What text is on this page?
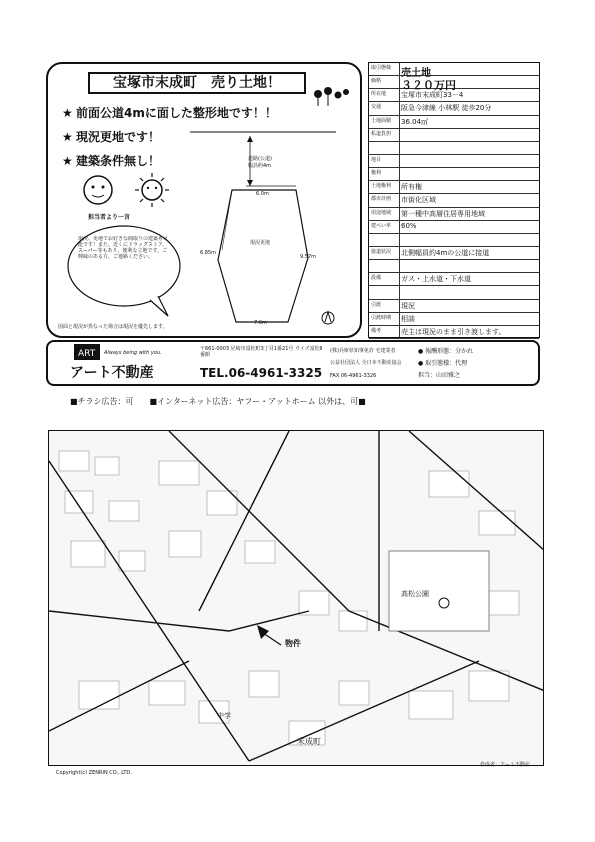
宝塚市末成町　売り土地！
★ 前面公道4mに面した整形地です！！
★ 現況更地です！
★ 建築条件無し！
担当者より一言
現況、更地でお好きな間取りの建築も可能です！また、近くにドラッグストア、スーパー等もあり、便利な立地です。ご興味のある方、ご連絡ください。
道路(公道)
幅員約4m
6.0m
6.85m
9.57m
現況更地
7.0m
図面と現況が異なった場合は現況を優先します。
取引態様 売土地
価格	３２０万円
所在地	宝塚市末成町33－4
交通	阪急今津線 小林駅 徒歩20分
土地面積	36.04㎡
私道負担
地目
権利
土地権利	所有権
都市計画	市街化区域
用途地域	第一種中高層住居専用地域
建ぺい率	60%
接道状況	北側幅員約4mの公道に接道
設備	ガス・上水道・下水道
引渡	現況
引渡時期	相談
備考	売主は現況のまま引き渡します。
ART Always being with you.
アート不動産
〒661-0003 尼崎市富松町3丁目1番21号 ウイズ富松Ⅱ番館
TEL.06-4961-3325
(株)兵庫県知事免許 宅建業者
公益社団法人 全日本不動産協会
FAX 06-4961-3326
● 報酬形態：分かれ
● 取引態様：代理
担当：山田雅之
■チラシ広告：可　　■インターネット広告：ヤフー・アットホーム 以外は、可■
高松公園
物件
末成町
中学
Copyright(c) ZENRIN CO., LTD.
作成者：アート不動産
